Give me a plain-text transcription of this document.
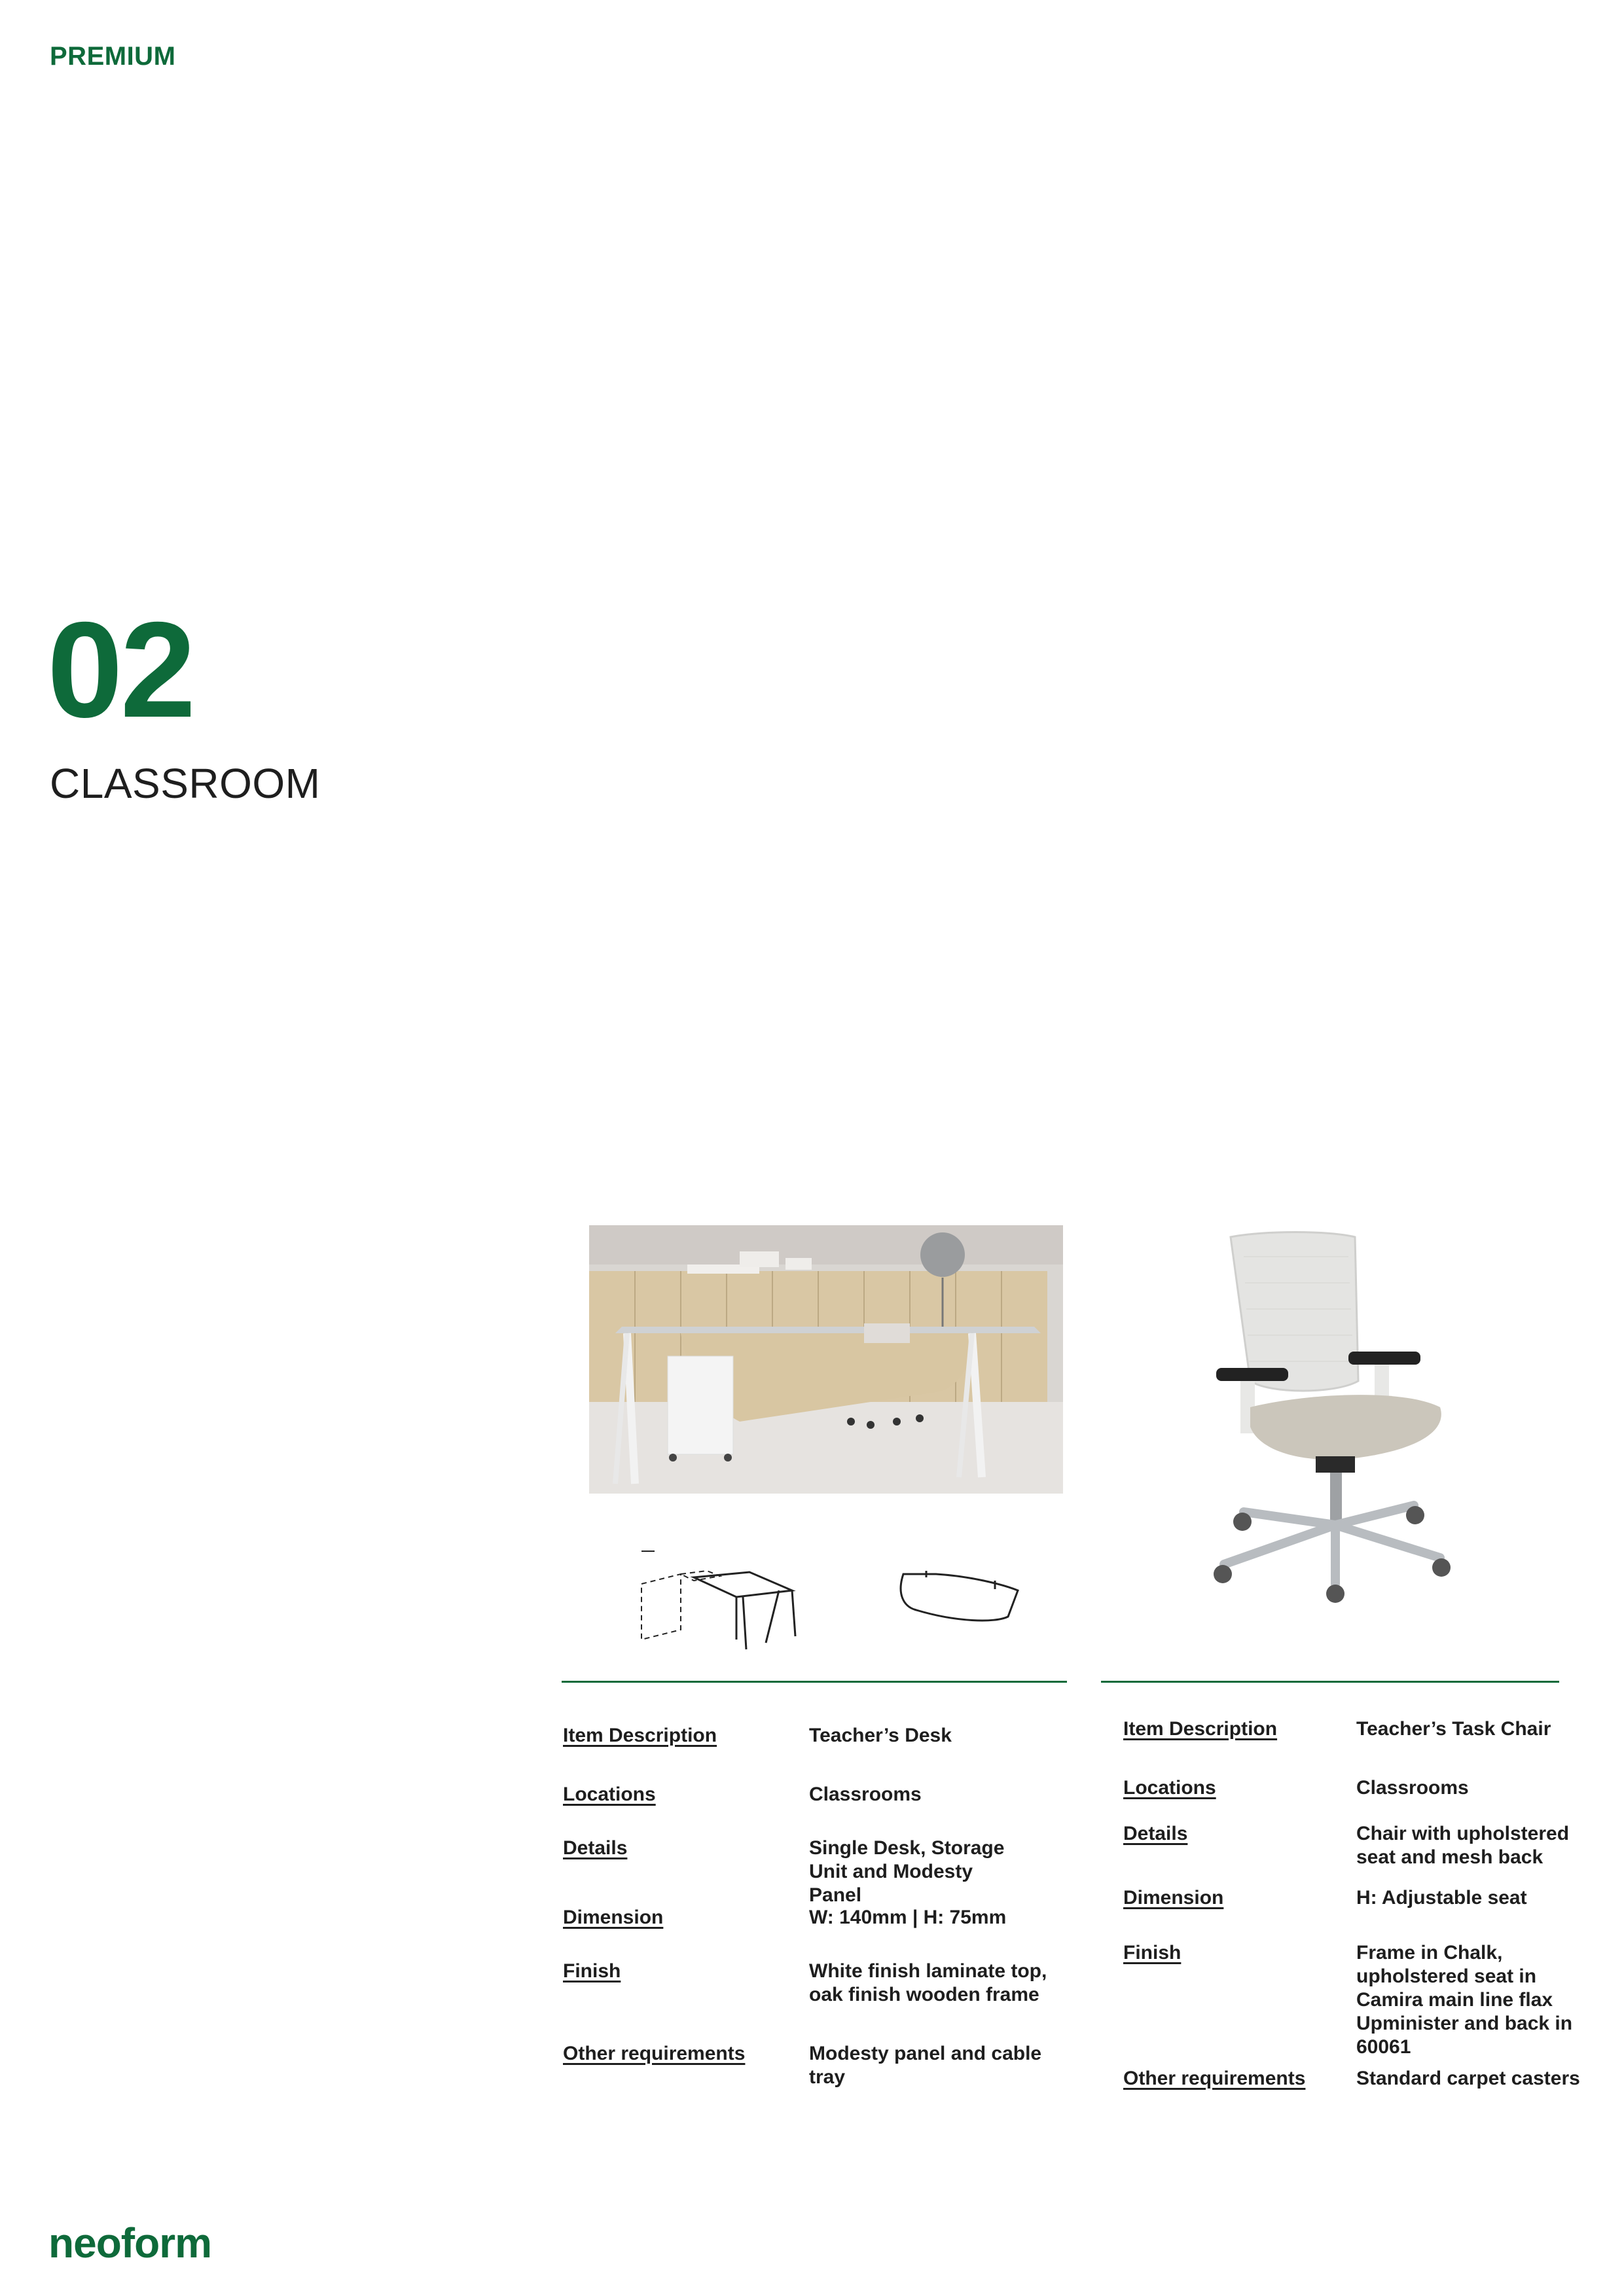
PREMIUM
02
CLASSROOM
Item Description	Teacher’s Desk
Locations	Classrooms
Details	Single Desk, Storage
Unit and Modesty
Panel
Dimension	W: 140mm | H: 75mm
Finish	White finish laminate top,
oak finish wooden frame
Other requirements	Modesty panel and cable
tray
Item Description	Teacher’s Task Chair
Locations	Classrooms
Details	Chair with upholstered
seat and mesh back
Dimension	H: Adjustable seat
Finish	Frame in Chalk,
upholstered seat in
Camira main line flax
Upminister and back in
60061
Other requirements	Standard carpet casters
neoform
